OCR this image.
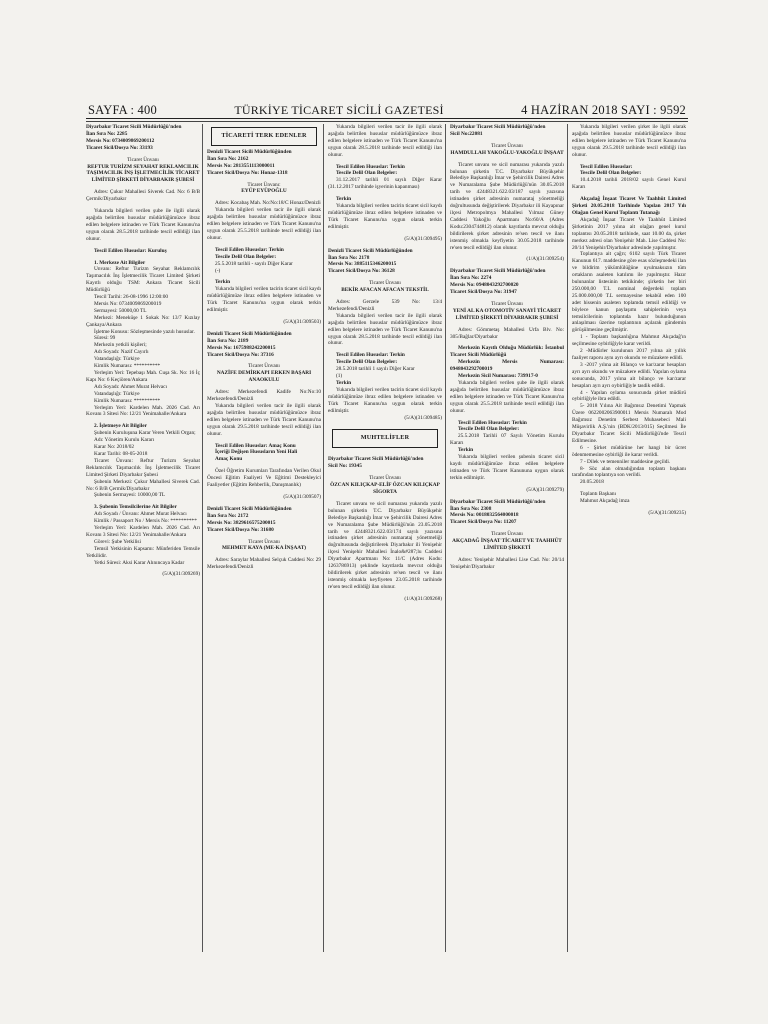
SAYFA : 400	TÜRKİYE TİCARET SİCİLİ GAZETESİ	4 HAZİRAN 2018 SAYI : 9592

Diyarbakır Ticaret Sicili Müdürlüğü'nden

İlan Sıra No: 2285

Mersis No: 0734009869200112

Ticaret Sicil/Dosya No: 33193

Ticaret Ünvanı

REFTUR TURİZM SEYAHAT REKLAMCILIK TAŞIMACILIK İNŞ İŞLETMECİLİK TİCARET LİMİTED ŞİRKETİ DİYARBAKIR ŞUBESİ

Adres: Çukur Mahallesi Siverek Cad. No: 6 B/B Çermik/Diyarbakır

Yukarıda bilgileri verilen şube ile ilgili olarak aşağıda belirtilen hususlar müdürlüğümüzce ibraz edilen belgelere istinaden ve Türk Ticaret Kanunu'na uygun olarak 28.5.2018 tarihinde tescil edildiği ilan olunur.

Tescil Edilen Hususlar: Kuruluş

1. Merkeze Ait Bilgiler

Unvanı: Reftur Turizm Seyahat Reklamcılık Taşımacılık İnş İşletmecilik Ticaret Limited Şirketi Kayıtlı olduğu TSM: Ankara Ticaret Sicili Müdürlüğü

Tescil Tarihi: 26-08-1996 12:00:00

Mersis No: 0734009869200019

Sermayesi: 50000,00 TL

Merkezi: Meneküşe 1 Sokak No: 13/7 Kızılay Çankaya/Ankara

İşletme Konusu: Sözleşmesinde yazılı hususlar.

Süresi: 99

Merkezin yetkili kişileri;

Adı Soyadı: Nazif Cayırlı

Vatandaşlığı: Türkiye

Kimlik Numarası: **********

Yerleşim Yeri: Tepebaşı Mah. Cuşa Sk. No: 16 İç Kapı No: 6 Keçiören/Ankara

Adı Soyadı: Ahmet Murat Helvacı

Vatandaşlığı: Türkiye

Kimlik Numarası: **********

Yerleşim Yeri: Kardelen Mah. 2026 Cad. Arı Kovanı 3 Sitesi No: 12/21 Yenimahalle/Ankara

2. İşletmeye Ait Bilgiler

Şubenin Kuruluşuna Karar Veren Yetkili Organ;

Adı: Yönetim Kurulu Kararı

Karar No: 2018/02

Karar Tarihi: 08-05-2018

Ticaret Ünvanı: Reftur Turizm Seyahat Reklamcılık Taşımacılık İnş İşletmecilik Ticaret Limited Şirketi Diyarbakır Şubesi

Şubenin Merkezi: Çukur Mahallesi Siverek Cad. No: 6 B/B Çermik/Diyarbakır

Şubenin Sermayesi: 10000,00 TL

3. Şubenin Temsilcilerine Ait Bilgiler

Adı Soyadı / Ünvanı: Ahmet Murat Helvacı

Kimlik / Passaport No / Mersis No: **********

Yerleşim Yeri: Kardelen Mah. 2026 Cad. Arı Kovanı 3 Sitesi No: 12/21 Yenimahalle/Ankara

Görevi: Şube Yetkilisi

Temsil Yetkisinin Kapsamı: Münferiden Temsile Yetkilidir.

Yetki Süresi: Aksi Karar Alınıncaya Kadar

(5/A)(31/309269)

TİCARETİ TERK EDENLER

Denizli Ticaret Sicili Müdürlüğünden

İlan Sıra No: 2162

Mersis No: 2813551113000011

Ticaret Sicil/Dosya No: Honaz-1318

Ticaret Ünvanı:

EYÜP EYÜPOĞLU

Adres: Kocabaş Mah. No:No:18/C Honaz/Denizli

Yukarıda bilgileri verilen tacir ile ilgili olarak aşağıda belirtilen hususlar müdürlüğümüzce ibraz edilen belgelere istinaden ve Türk Ticaret Kanunu'na uygun olarak 25.5.2018 tarihinde tescil edildiği ilan olunur.

Tescil Edilen Hususlar: Terkin

Tescile Delil Olan Belgeler:

25.5.2018 tarihli - sayılı Diğer Karar

(-)

Terkin

Yukarıda bilgileri verilen tacirin ticaret sicil kaydı müdürlüğümüze ibraz edilen belgelere istinaden ve Türk Ticaret Kanunu'na uygun olarak terkin edilmiştir.

(5/A)(31/309503)

Denizli Ticaret Sicili Müdürlüğünden

İlan Sıra No: 2189

Mersis No: 1675988242200015

Ticaret Sicil/Dosya No: 37316

Ticaret Ünvanı

NAZİFE DEMİRKAPI ERKEN BAŞARI ANAOKULU

Adres: Merkezefendi Kadife No:No:10 Merkezefendi/Denizli

Yukarıda bilgileri verilen tacir ile ilgili olarak aşağıda belirtilen hususlar müdürlüğümüzce ibraz edilen belgelere istinaden ve Türk Ticaret Kanunu'na uygun olarak 29.5.2018 tarihinde tescil edildiği ilan olunur.

Tescil Edilen Hususlar: Amaç Konu

İçeriği Değişen Hususların Yeni Hali

Amaç Konu

Özel Öğretim Kurumları Tarafından Verilen Okul Öncesi Eğitim Faaliyeti Ve Eğitimi Destekleyici Faaliyetler (Eğitim Rehberlik, Danışmanlık)

(5/A)(31/309507)

Denizli Ticaret Sicili Müdürlüğünden

İlan Sıra No: 2172

Mersis No: 3829616575200015

Ticaret Sicil/Dosya No: 31680

Ticaret Ünvanı

MEHMET KAYA (ME-KA İNŞAAT)

Adres: Saraylar Mahallesi Selçuk Caddesi No: 29 Merkezefendi/Denizli

Yukarıda bilgileri verilen tacir ile ilgili olarak aşağıda belirtilen hususlar müdürlüğümüzce ibraz edilen belgelere istinaden ve Türk Ticaret Kanunu'na uygun olarak 28.5.2018 tarihinde tescil edildiği ilan olunur.

Tescil Edilen Hususlar: Terkin

Tescile Delil Olan Belgeler:

31.12.2017 tarihli 01 sayılı Diğer Karar (31.12.2017 tarihinde işyerinin kapanması)

Terkin

Yukarıda bilgileri verilen tacirin ticaret sicil kaydı müdürlüğümüze ibraz edilen belgelere istinaden ve Türk Ticaret Kanunu'na uygun olarak terkin edilmiştir.

(5/A)(31/309495)

Denizli Ticaret Sicili Müdürlüğünden

İlan Sıra No: 2178

Mersis No: 3885115346200015

Ticaret Sicil/Dosya No: 36128

Ticaret Ünvanı

BEKİR AFACAN AFACAN TEKSTİL

Adres: Gerzele 539 No: 13/4 Merkezefendi/Denizli

Yukarıda bilgileri verilen tacir ile ilgili olarak aşağıda belirtilen hususlar müdürlüğümüzce ibraz edilen belgelere istinaden ve Türk Ticaret Kanunu'na uygun olarak 28.5.2018 tarihinde tescil edildiği ilan olunur.

Tescil Edilen Hususlar: Terkin

Tescile Delil Olan Belgeler:

28.5.2018 tarihli 1 sayılı Diğer Karar

(1)

Terkin

Yukarıda bilgileri verilen tacirin ticaret sicil kaydı müdürlüğümüze ibraz edilen belgelere istinaden ve Türk Ticaret Kanunu'na uygun olarak terkin edilmiştir.

(5/A)(31/309485)

MUHTELİFLER

Diyarbakır Ticaret Sicili Müdürlüğü'nden

Sicil No: 19345

Ticaret Ünvanı

ÖZCAN KILIÇKAP-ELİF ÖZCAN KILIÇKAP SİGORTA

Ticaret unvanı ve sicil numarası yukarıda yazılı bulunan şirketin T.C. Diyarbakır Büyükşehir Belediye Başkanlığı İmar ve Şehircilik Dairesi Adres ve Numaralama Şube Müdürlüğü'nün 23.05.2018 tarih ve 42448321.622.03/174 sayılı yazısına istinaden şirket adresinin numarataj yönetmeliği doğrultusunda değiştirilerek Diyarbakır ili Yenişehir ilçesi Yenişehir Mahallesi İnalo&#287;lu Caddesi Diyarbakır Apartmanı No: 11/C (Adres Kodu: 1263786913) şeklinde kayıtlarda mevcut olduğu bildirilerek şirket adresinin re'sen tescil ve ilanı istenmiş olmakla keyfiyeten 23.05.2018 tarihinde re'sen tescil edildiği ilan olunur.

(1/A)(31/309268)

Diyarbakır Ticaret Sicili Müdürlüğü'nden

Sicil No:22081

Ticaret Ünvanı

HAMDULLAH YAKOĞLU-YAKOĞLU İNŞAAT

Ticaret unvanı ve sicil numarası yukarıda yazılı bulunan şirketin T.C. Diyarbakır Büyükşehir Belediye Başkanlığı İmar ve Şehircilik Dairesi Adres ve Numaralama Şube Müdürlüğü'nün 30.05.2018 tarih ve 42448321.622.03/187 sayılı yazısına istinaden şirket adresinin numarataj yönetmeliği doğrultusunda değiştirilerek Diyarbakır ili Kayapınar ilçesi Metropolmya Mahallesi Yılmaz Güney Caddesi Yakoğlu Apartmanı No:60/A (Adres Kodu:2304744812) olarak kayıtlarda mevcut olduğu bildirilerek şirket adresinin re'sen tescil ve ilanı istenmiş olmakla keyfiyetin 30.05.2018 tarihinde re'sen tescil edildiği ilan olunur.

(1/A)(31/309254)

Diyarbakır Ticaret Sicili Müdürlüğü'nden

İlan Sıra No: 2274

Mersis No: 0948043292700020

Ticaret Sicil/Dosya No: 31947

Ticaret Ünvanı

YENİ AL KA OTOMOTİV SANAYİ TİCARET LİMİTED ŞİRKETİ DİYARBAKIR ŞUBESİ

Adres: Gömmetaş Mahallesi Urfa Blv. No: 305/Bağlar/Diyarbakır

Merkezin Kayıtlı Olduğu Müdürlük: İstanbul Ticaret Sicili Müdürlüğü

Merkezin Mersis Numarası: 0948043292700019

Merkezin Sicil Numarası: 739917-0

Yukarıda bilgileri verilen şube ile ilgili olarak aşağıda belirtilen hususlar müdürlüğümüzce ibraz edilen belgelere istinaden ve Türk Ticaret Kanunu'na uygun olarak 25.5.2018 tarihinde tescil edildiği ilan olunur.

Tescil Edilen Hususlar: Terkin

Tescile Delil Olan Belgeler:

25.5.2018 Tarihli 07 Sayılı Yönetim Kurulu Kararı

Terkin

Yukarıda bilgileri verilen şubenin ticaret sicil kaydı müdürlüğümüze ibraz edilen belgelere istinaden ve Türk Ticaret Kanununa uygun olarak terkin edilmiştir.

(5/A)(31/309279)

Diyarbakır Ticaret Sicili Müdürlüğü'nden

İlan Sıra No: 2308

Mersis No: 0018032564000018

Ticaret Sicil/Dosya No: 11207

Ticaret Ünvanı

AKÇADAĞ İNŞAAT TİCARET VE TAAHHÜT LİMİTED ŞİRKETİ

Adres: Yenişehir Mahallesi Lise Cad. No: 20/14 Yenişehir/Diyarbakır

Yukarıda bilgileri verilen şirket ile ilgili olarak aşağıda belirtilen hususlar müdürlüğümüzce ibraz edilen belgelere istinaden ve Türk Ticaret Kanunu'na uygun olarak 29.5.2018 tarihinde tescil edildiği ilan olunur.

Tescil Edilen Hususlar:

Tescile Delil Olan Belgeler:

10.4.2018 tarihli 2018/02 sayılı Genel Kurul Kararı

Akçadağ İnşaat Ticaret Ve Taahhüt Limited Şirketi 20.05.2018 Tarihinde Yapılan 2017 Yılı Olağan Genel Kurul Toplantı Tutanağı

Akçadağ İnşaat Ticaret Ve Taahhüt Limited Şirketinin 2017 yılına ait olağan genel kurul toplantısı 20.05.2018 tarihinde, saat 10.00 da, şirket merkez adresi olan Yenişehir Mah. Lise Caddesi No: 20/14 Yenişehir/Diyarbakır adresinde yapılmıştır.

Toplantıya ait çağrı; 6102 sayılı Türk Ticaret Kanunun 617. maddesine göre esas sözleşmedeki ilan ve bildirim yükümlülüğüne uyulmaksızın tüm ortakların asaleten katılımı ile yapılmıştır. Hazır bulunanlar listesinin tetkikinde; şirketin her biri 250.000,00 T.L nominal değerdeki toplam 25.000.000,00 T.L sermayesine tekabül eden 100 adet hissenin asaleten toplamda temsil edildiği ve böylece kanun paylaşımı sahiplerinin veya temsilcilerinin toplantıda hazır bulunduğunun anlaşılması üzerine toplantının açılarak gündemin görüşülmesine geçilmiştir.

1 - Toplantı başkanlığına Mahmut Akçadağ'ın seçilmesine oybirliğiyle karar verildi.

2 -Müdürler kurulunun 2017 yılına ait yıllık faaliyet raporu aynı ayrı okundu ve müzakere edildi.

3 -2017 yılına ait Bilanço ve kar/zarar hesapları ayrı ayrı okundu ve müzakere edildi. Yapılan oylama sonucunda, 2017 yılına ait bilanço ve kar/zarar hesapları ayrı ayrı oybirliğiyle tasdik edildi.

4 - Yapılan oylama sonucunda şirket müdürü oybirliğiyle ibra edildi.

5- 2018 Yılına Ait Bağımsız Denetimi Yapmak Üzere 0622002063900011 Mersis Numaralı Mod Bağımsız Denetim Serbest Muhasebeci Mali Müşavirlik A.Ş.'nin (BDK/2013/015) Seçilmesi İle Diyarbakır Ticaret Sicili Müdürlüğü'nde Tescil Edilmesine.

6 - Şirket müdürüne her hangi bir ücret ödenmemesine oybirliği ile karar verildi.

7 - Dilek ve temenniler maddesine geçildi.

8- Söz alan olmadığından toplantı başkanı tarafından toplantıya son verildi.

20.05.2018

Toplantı Başkanı

Mahmut Akçadağ imza

(5/A)(31/309235)
